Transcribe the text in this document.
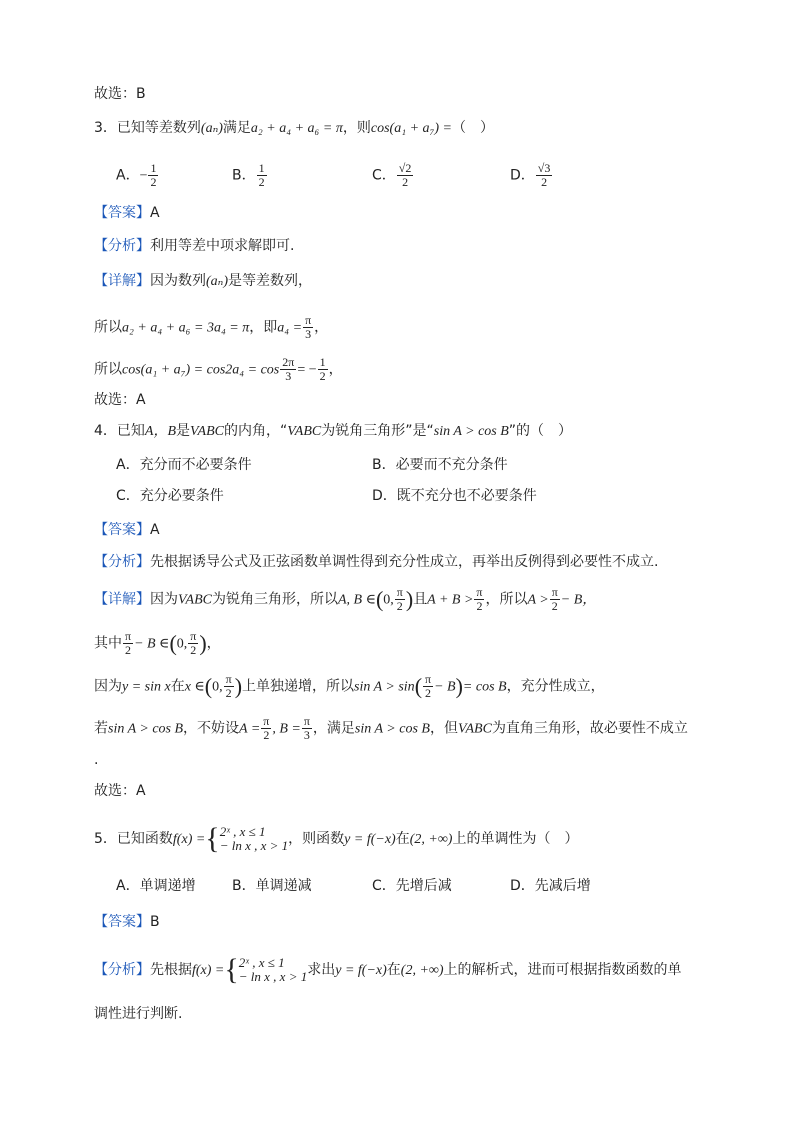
故选：B
3．已知等差数列(aₙ)满足a₂ + a₄ + a₆ = π，则cos(a₁ + a₇) =（　）
A．− $\frac{1}{2}$	B． $\frac{1}{2}$	C． $\frac{√2}{2}$	D． $\frac{√3}{2}$
【答案】A
【分析】利用等差中项求解即可.
【详解】因为数列(aₙ)是等差数列，
所以a₂ + a₄ + a₆ = 3a₄ = π，即$a_4 = \frac{\pi}{3}$ ，
所以$\cos(a_1 + a_7) = \cos 2a_4 = \cos \frac{2\pi}{3}$ = − $\frac{1}{2}$ ，
故选：A
4．已知A，B是VABC的内角，“VABC为锐角三角形”是“sin A > cos B”的（　）
A．充分而不必要条件	B．必要而不充分条件
C．充分必要条件	D．既不充分也不必要条件
【答案】A
【分析】先根据诱导公式及正弦函数单调性得到充分性成立，再举出反例得到必要性不成立.
【详解】因为VABC为锐角三角形，所以A, B ∈(0, $\frac{\pi}{2}$ )且$A + B > \frac{\pi}{2}$ ，所以$A > \frac{\pi}{2} - B$，
其中 $\frac{\pi}{2} - B$ ∈(0, $\frac{\pi}{2}$ )，
因为y = sin x在x ∈(0, $\frac{\pi}{2}$ )上单独递增，所以$\sin A > \sin( \frac{\pi}{2} - B)= \cos B$，充分性成立，
若sin A > cos B，不妨设$A = \frac{\pi}{2}$ , $B = \frac{\pi}{3}$ ，满足sin A > cos B，但VABC为直角三角形，故必要性不成立
.
故选：A
5．已知函数f(x) ={ 2ˣ , x ≤ 1
− ln x , x > 1 ，则函数y = f(−x)在(2, +∞)上的单调性为（　）
A．单调递增	B．单调递减	C．先增后减	D．先减后增
【答案】B
【分析】先根据f(x) ={ 2ˣ , x ≤ 1
− ln x , x > 1 求出y = f(−x)在(2, +∞)上的解析式，进而可根据指数函数的单
调性进行判断.
